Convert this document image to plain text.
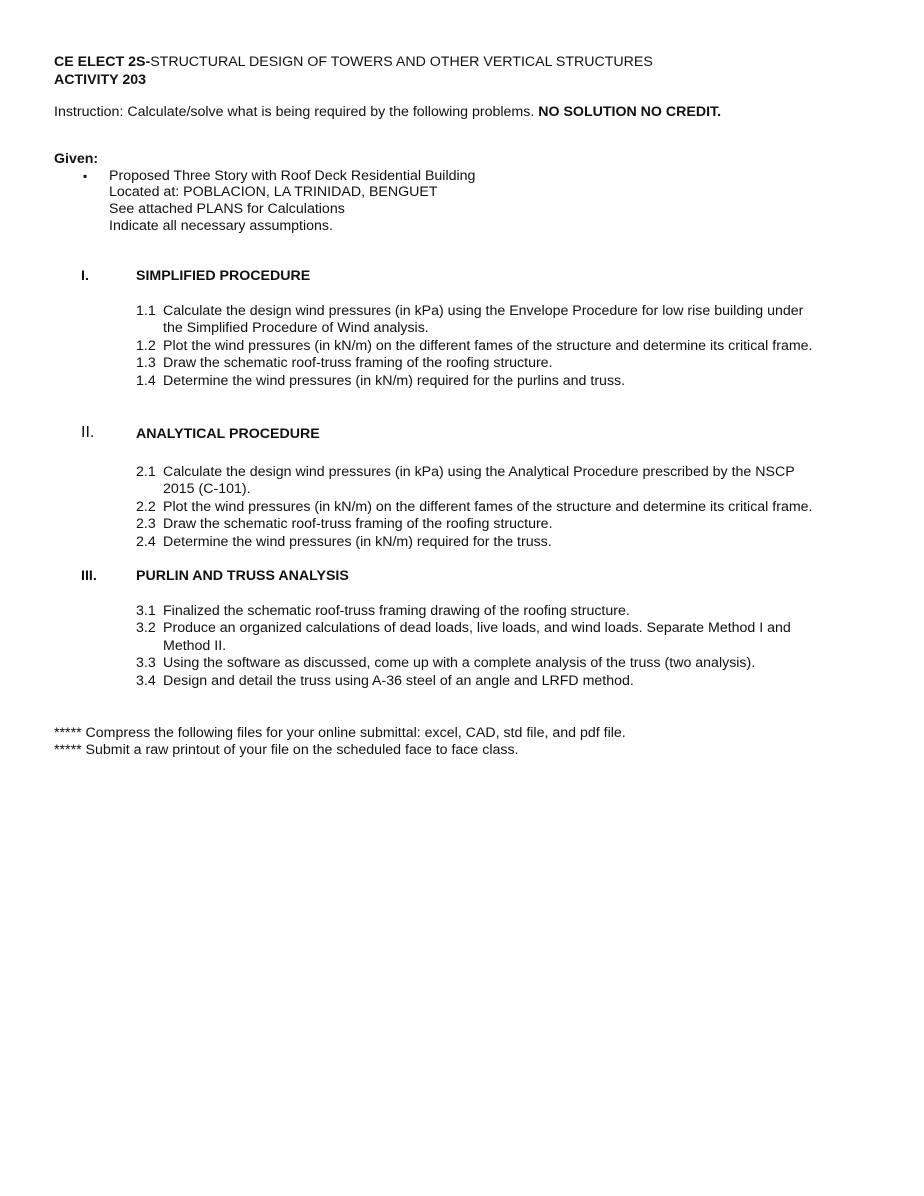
CE ELECT 2S-STRUCTURAL DESIGN OF TOWERS AND OTHER VERTICAL STRUCTURES
ACTIVITY 203
Instruction: Calculate/solve what is being required by the following problems. NO SOLUTION NO CREDIT.
Given:
▪ Proposed Three Story with Roof Deck Residential Building
Located at: POBLACION, LA TRINIDAD, BENGUET
See attached PLANS for Calculations
Indicate all necessary assumptions.
I.	SIMPLIFIED PROCEDURE
1.1 Calculate the design wind pressures (in kPa) using the Envelope Procedure for low rise building under
the Simplified Procedure of Wind analysis.
1.2 Plot the wind pressures (in kN/m) on the different fames of the structure and determine its critical frame.
1.3 Draw the schematic roof-truss framing of the roofing structure.
1.4 Determine the wind pressures (in kN/m) required for the purlins and truss.
II.	ANALYTICAL PROCEDURE
2.1 Calculate the design wind pressures (in kPa) using the Analytical Procedure prescribed by the NSCP
2015 (C-101).
2.2 Plot the wind pressures (in kN/m) on the different fames of the structure and determine its critical frame.
2.3 Draw the schematic roof-truss framing of the roofing structure.
2.4 Determine the wind pressures (in kN/m) required for the truss.
III.	PURLIN AND TRUSS ANALYSIS
3.1 Finalized the schematic roof-truss framing drawing of the roofing structure.
3.2 Produce an organized calculations of dead loads, live loads, and wind loads. Separate Method I and
Method II.
3.3 Using the software as discussed, come up with a complete analysis of the truss (two analysis).
3.4 Design and detail the truss using A-36 steel of an angle and LRFD method.
***** Compress the following files for your online submittal: excel, CAD, std file, and pdf file.
***** Submit a raw printout of your file on the scheduled face to face class.
